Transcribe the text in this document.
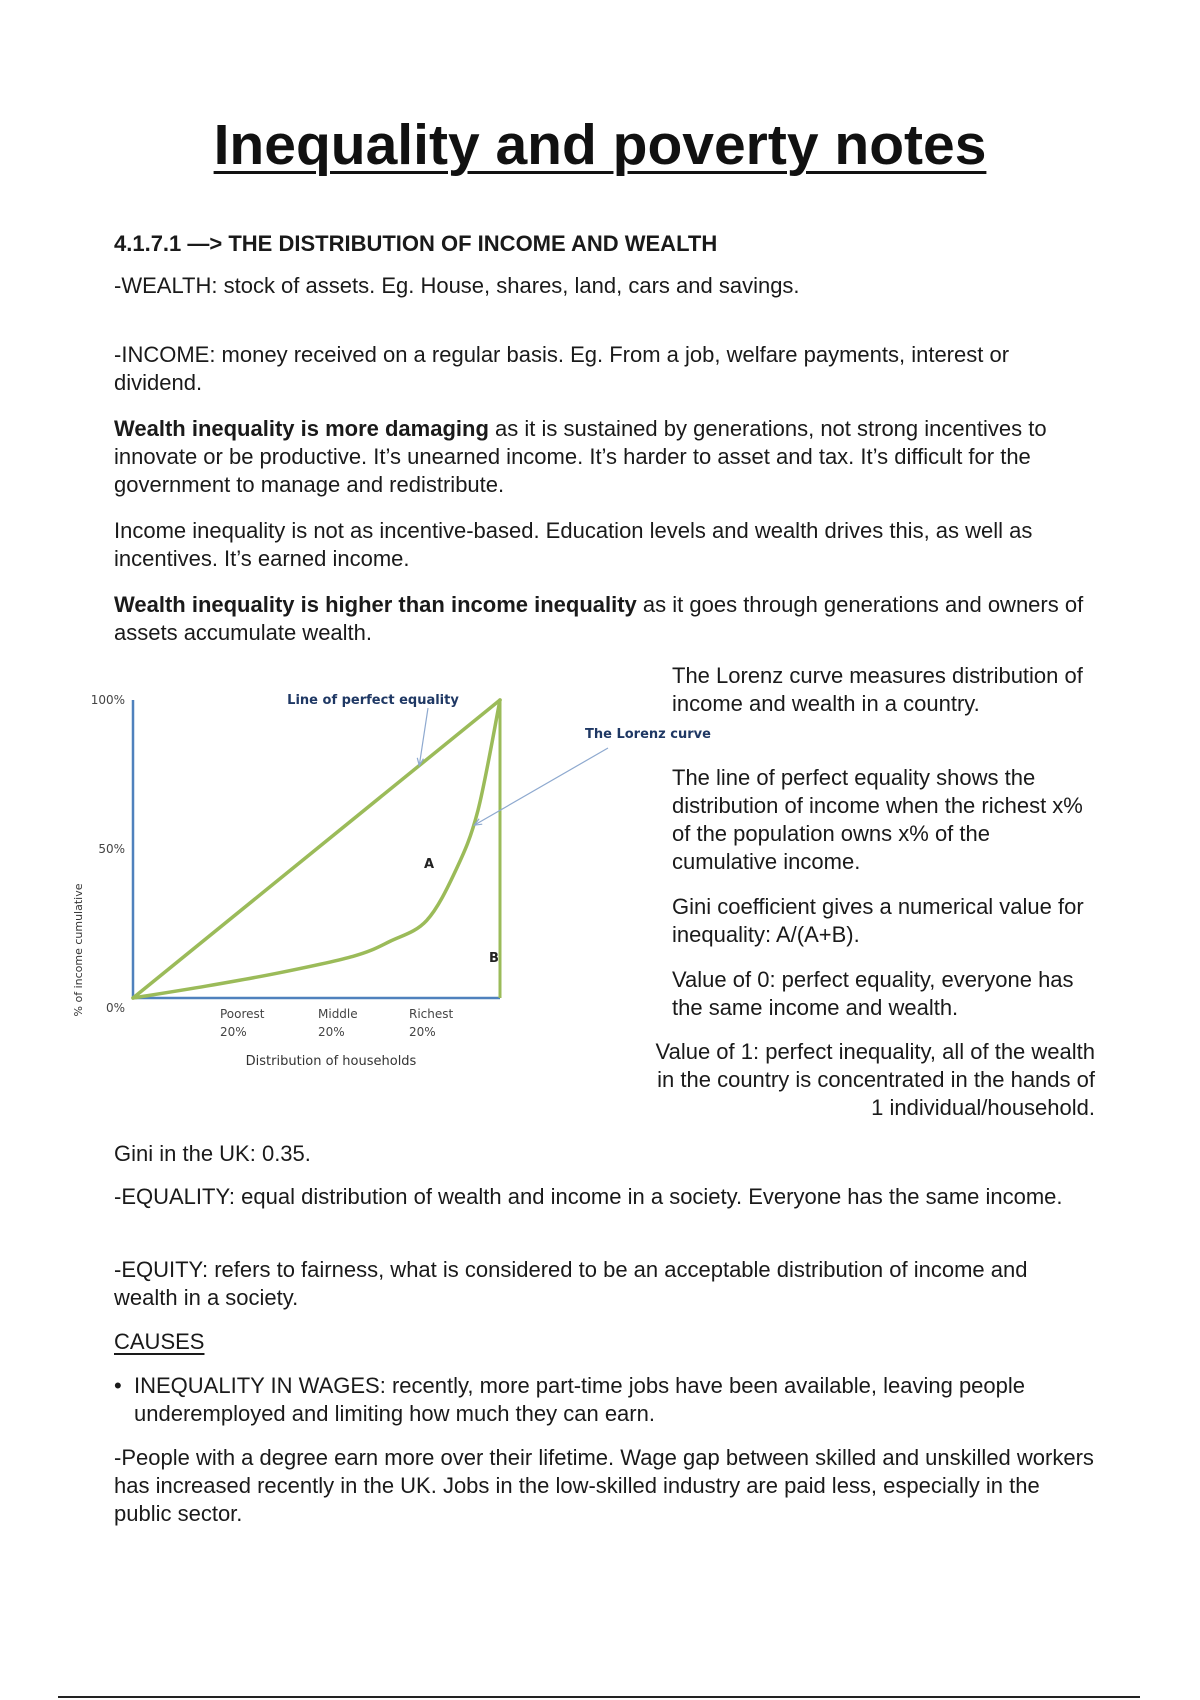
Inequality and poverty notes

4.1.7.1 —> THE DISTRIBUTION OF INCOME AND WEALTH

-WEALTH: stock of assets. Eg. House, shares, land, cars and savings.

-INCOME: money received on a regular basis. Eg. From a job, welfare payments, interest or dividend.

Wealth inequality is more damaging as it is sustained by generations, not strong incentives to innovate or be productive. It’s unearned income. It’s harder to asset and tax. It’s difficult for the government to manage and redistribute.

Income inequality is not as incentive-based. Education levels and wealth drives this, as well as incentives. It’s earned income.

Wealth inequality is higher than income inequality as it goes through generations and owners of assets accumulate wealth.

% of income cumulative
Distribution of households
Line of perfect equality
The Lorenz curve
A
B
100%
50%
0%	Poorest
20%
Middle
20%
Richest
20%

The Lorenz curve measures distribution of income and wealth in a country.

The line of perfect equality shows the distribution of income when the richest x% of the population owns x% of the cumulative income.

Gini coefficient gives a numerical value for inequality: A/(A+B).

Value of 0: perfect equality, everyone has the same income and wealth.

Value of 1: perfect inequality, all of the wealth in the country is concentrated in the hands of 1 individual/household.

Gini in the UK: 0.35.

-EQUALITY: equal distribution of wealth and income in a society. Everyone has the same income.

-EQUITY: refers to fairness, what is considered to be an acceptable distribution of income and wealth in a society.

CAUSES

• INEQUALITY IN WAGES: recently, more part-time jobs have been available, leaving people underemployed and limiting how much they can earn.

-People with a degree earn more over their lifetime. Wage gap between skilled and unskilled workers has increased recently in the UK. Jobs in the low-skilled industry are paid less, especially in the public sector.
